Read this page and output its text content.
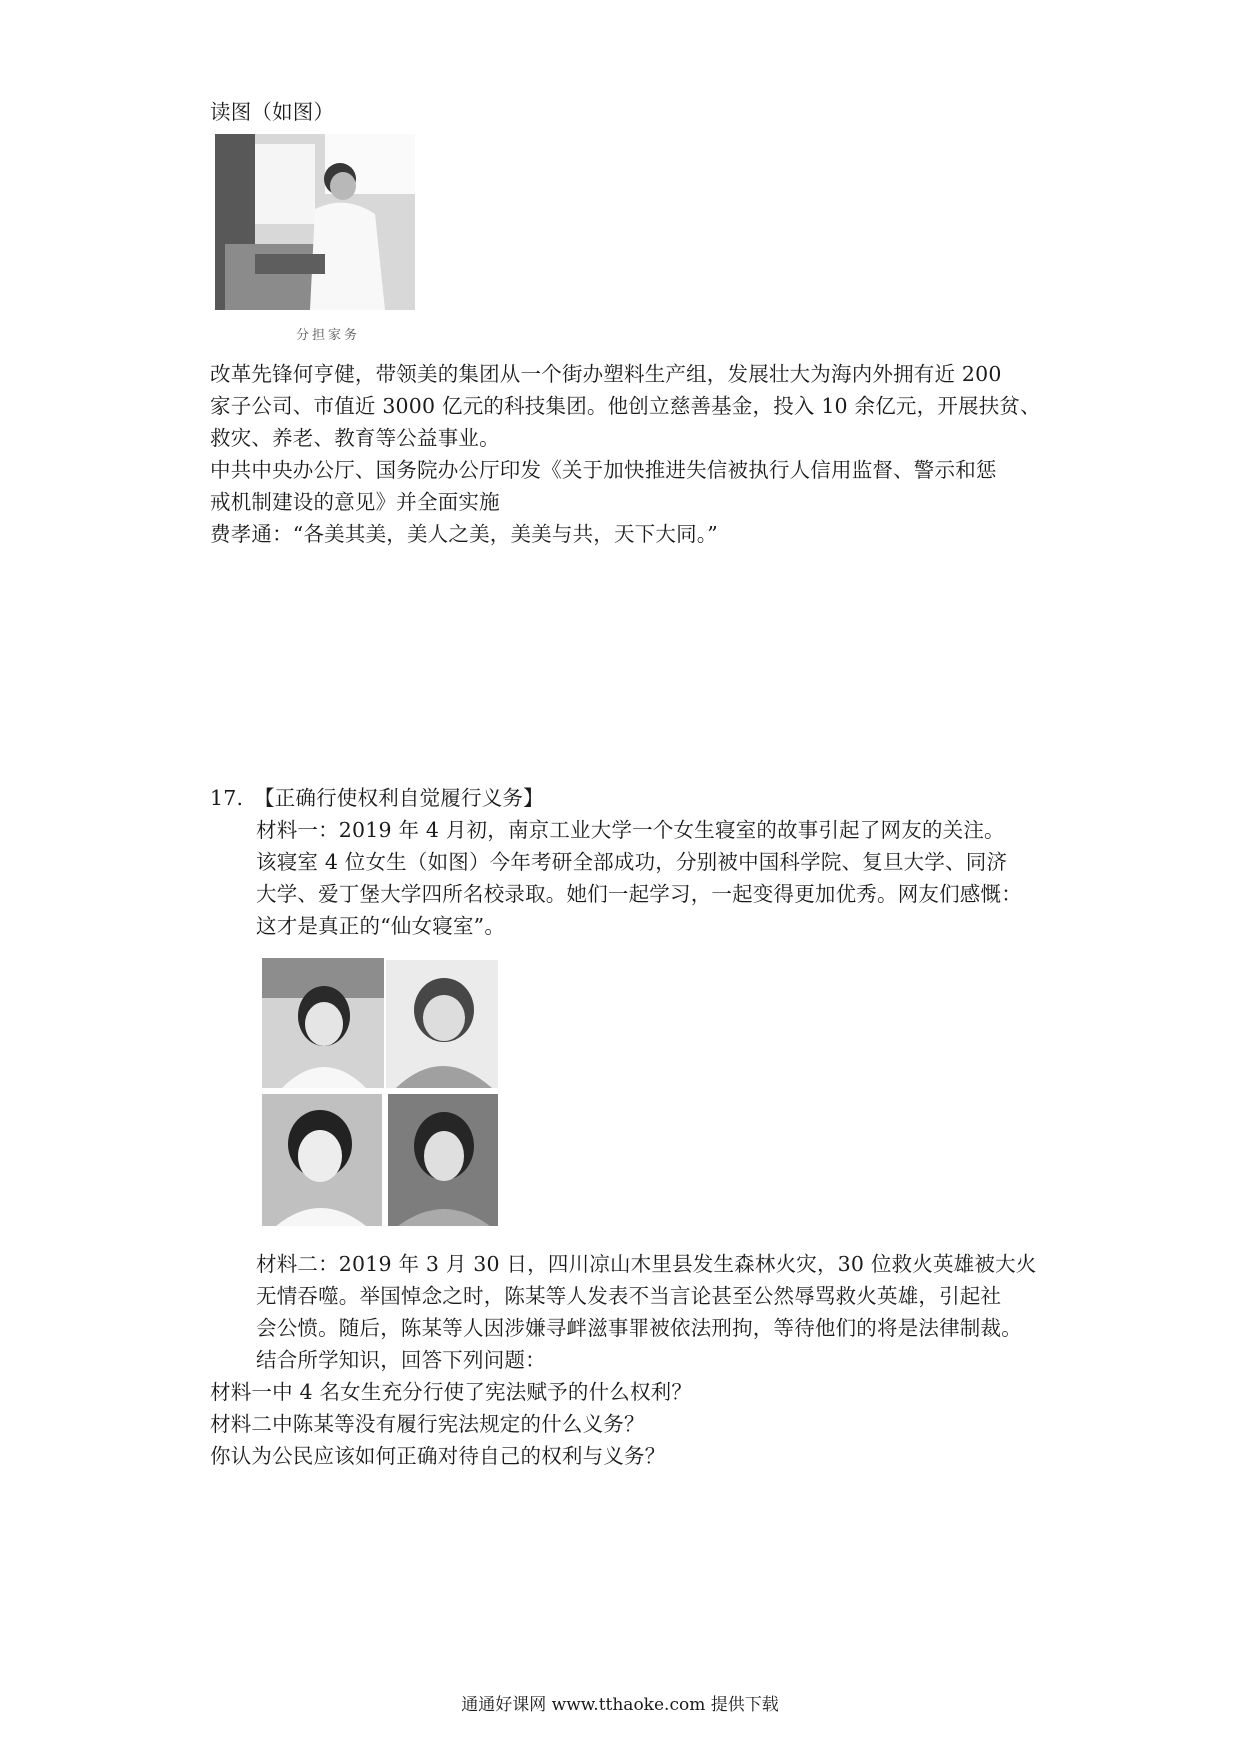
读图（如图）
分担家务
改革先锋何亨健，带领美的集团从一个街办塑料生产组，发展壮大为海内外拥有近 200
家子公司、市值近 3000 亿元的科技集团。他创立慈善基金，投入 10 余亿元，开展扶贫、
救灾、养老、教育等公益事业。
中共中央办公厅、国务院办公厅印发《关于加快推进失信被执行人信用监督、警示和惩
戒机制建设的意见》并全面实施
费孝通：“各美其美，美人之美，美美与共，天下大同。”
17. 【正确行使权利自觉履行义务】
材料一：2019 年 4 月初，南京工业大学一个女生寝室的故事引起了网友的关注。
该寝室 4 位女生（如图）今年考研全部成功，分别被中国科学院、复旦大学、同济
大学、爱丁堡大学四所名校录取。她们一起学习，一起变得更加优秀。网友们感慨：
这才是真正的“仙女寝室”。
材料二：2019 年 3 月 30 日，四川凉山木里县发生森林火灾，30 位救火英雄被大火
无情吞噬。举国悼念之时，陈某等人发表不当言论甚至公然辱骂救火英雄，引起社
会公愤。随后，陈某等人因涉嫌寻衅滋事罪被依法刑拘，等待他们的将是法律制裁。
结合所学知识，回答下列问题：
材料一中 4 名女生充分行使了宪法赋予的什么权利？
材料二中陈某等没有履行宪法规定的什么义务？
你认为公民应该如何正确对待自己的权利与义务？
通通好课网 www.tthaoke.com 提供下载
